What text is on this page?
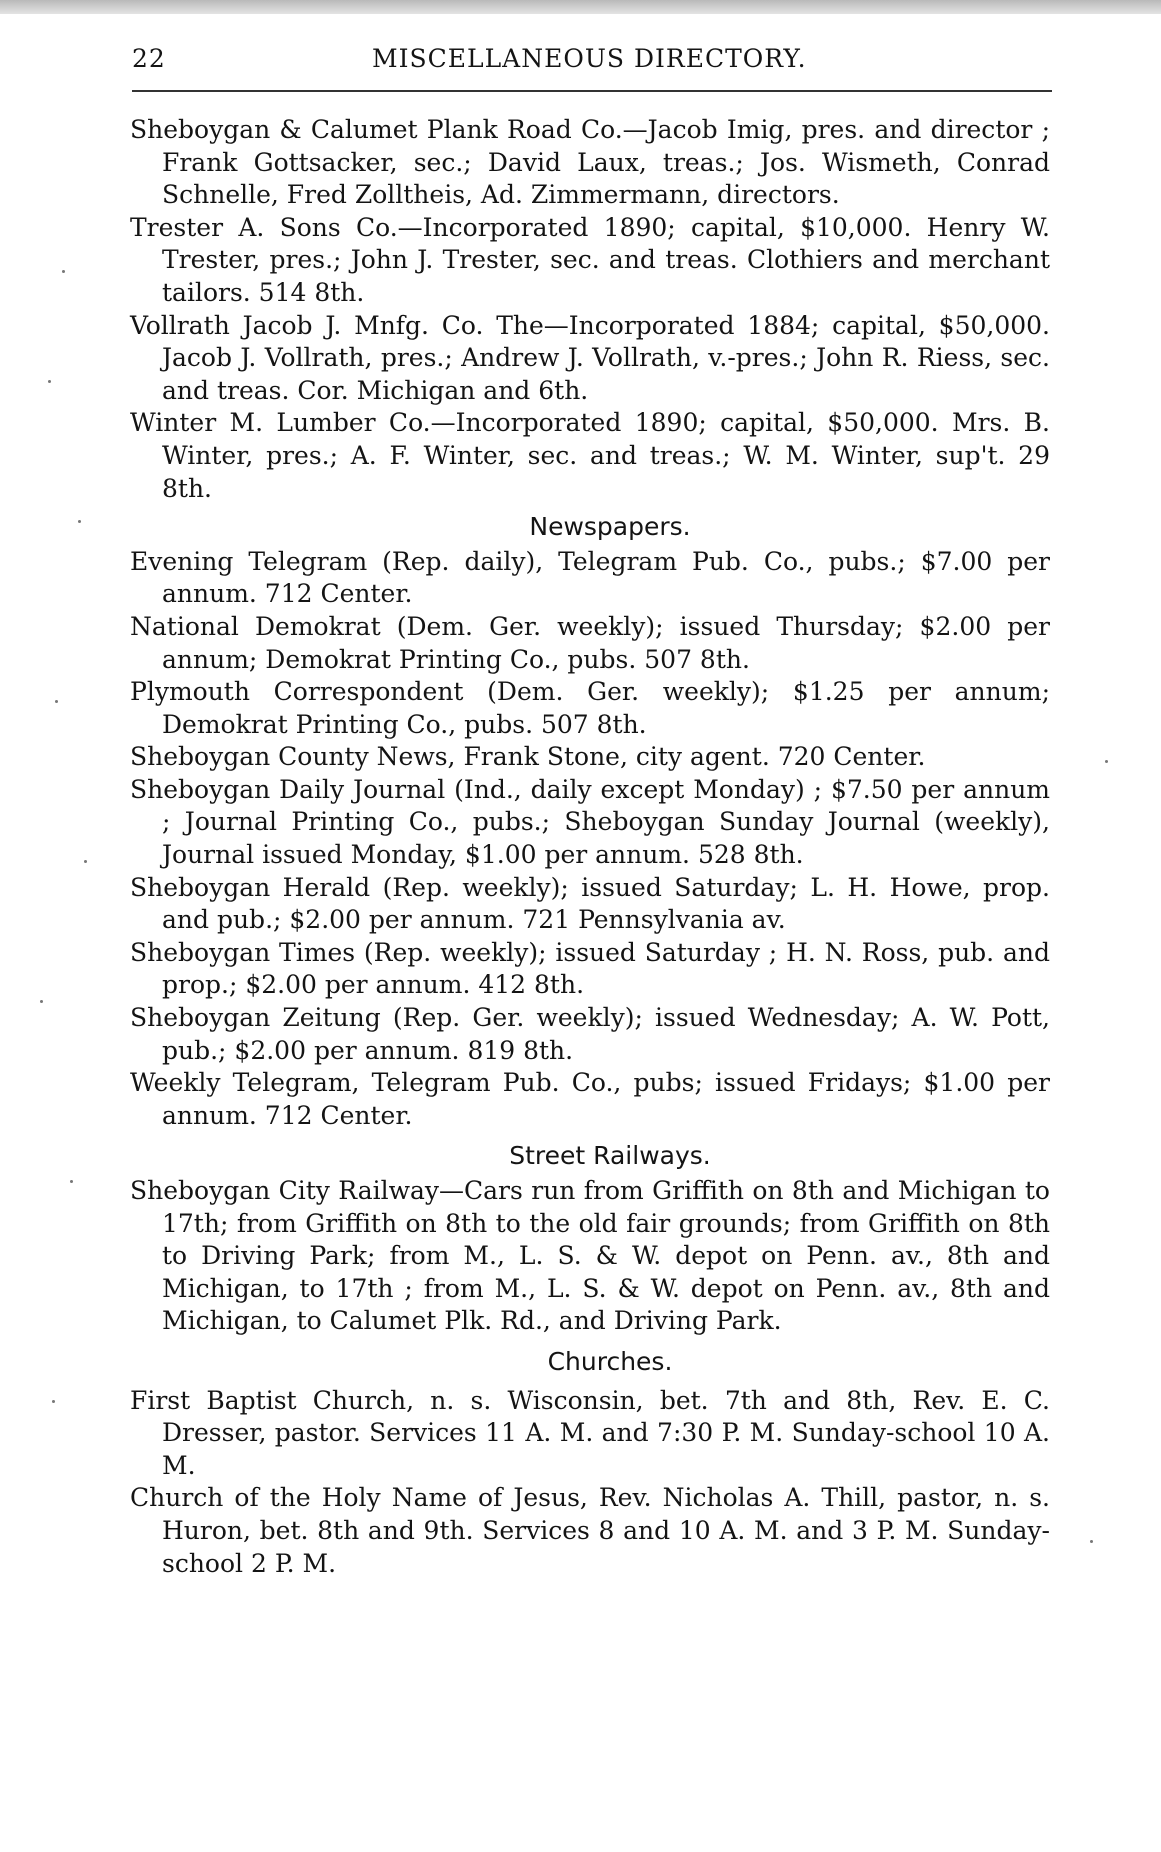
22	MISCELLANEOUS DIRECTORY.

Sheboygan & Calumet Plank Road Co.—Jacob Imig, pres. and director ; Frank Gottsacker, sec.; David Laux, treas.; Jos. Wismeth, Conrad Schnelle, Fred Zolltheis, Ad. Zimmermann, directors.

Trester A. Sons Co.—Incorporated 1890; capital, $10,000. Henry W. Trester, pres.; John J. Trester, sec. and treas. Clothiers and merchant tailors. 514 8th.

Vollrath Jacob J. Mnfg. Co. The—Incorporated 1884; capital, $50,000. Jacob J. Vollrath, pres.; Andrew J. Vollrath, v.-pres.; John R. Riess, sec. and treas. Cor. Michigan and 6th.

Winter M. Lumber Co.—Incorporated 1890; capital, $50,000. Mrs. B. Winter, pres.; A. F. Winter, sec. and treas.; W. M. Winter, sup't. 29 8th.

Newspapers.

Evening Telegram (Rep. daily), Telegram Pub. Co., pubs.; $7.00 per annum. 712 Center.

National Demokrat (Dem. Ger. weekly); issued Thursday; $2.00 per annum; Demokrat Printing Co., pubs. 507 8th.

Plymouth Correspondent (Dem. Ger. weekly); $1.25 per annum; Demokrat Printing Co., pubs. 507 8th.

Sheboygan County News, Frank Stone, city agent. 720 Center.

Sheboygan Daily Journal (Ind., daily except Monday) ; $7.50 per annum ; Journal Printing Co., pubs.; Sheboygan Sunday Journal (weekly), Journal issued Monday, $1.00 per annum. 528 8th.

Sheboygan Herald (Rep. weekly); issued Saturday; L. H. Howe, prop. and pub.; $2.00 per annum. 721 Pennsylvania av.

Sheboygan Times (Rep. weekly); issued Saturday ; H. N. Ross, pub. and prop.; $2.00 per annum. 412 8th.

Sheboygan Zeitung (Rep. Ger. weekly); issued Wednesday; A. W. Pott, pub.; $2.00 per annum. 819 8th.

Weekly Telegram, Telegram Pub. Co., pubs; issued Fridays; $1.00 per annum. 712 Center.

Street Railways.

Sheboygan City Railway—Cars run from Griffith on 8th and Michigan to 17th; from Griffith on 8th to the old fair grounds; from Griffith on 8th to Driving Park; from M., L. S. & W. depot on Penn. av., 8th and Michigan, to 17th ; from M., L. S. & W. depot on Penn. av., 8th and Michigan, to Calumet Plk. Rd., and Driving Park.

Churches.

First Baptist Church, n. s. Wisconsin, bet. 7th and 8th, Rev. E. C. Dresser, pastor. Services 11 A. M. and 7:30 P. M. Sunday-school 10 A. M.

Church of the Holy Name of Jesus, Rev. Nicholas A. Thill, pastor, n. s. Huron, bet. 8th and 9th. Services 8 and 10 A. M. and 3 P. M. Sunday-school 2 P. M.
